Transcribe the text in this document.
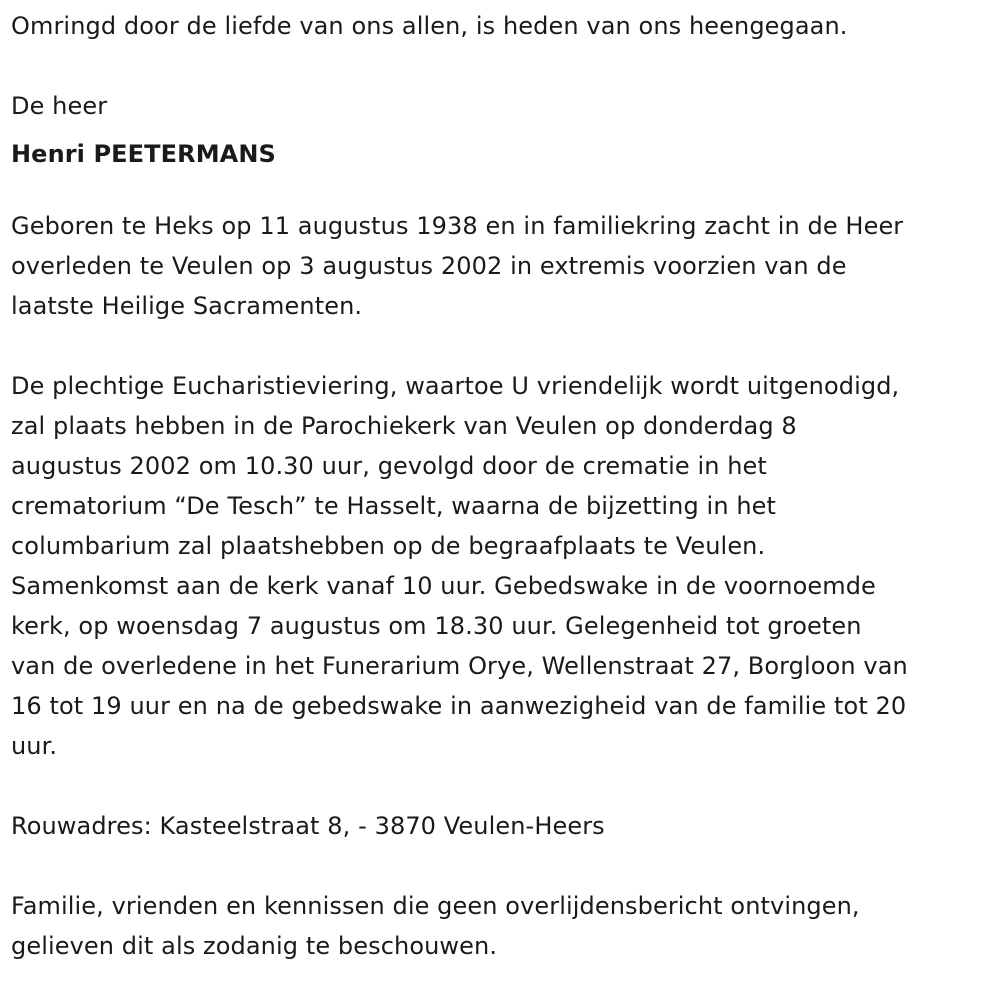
Omringd door de liefde van ons allen, is heden van ons heengegaan.

De heer

Henri PEETERMANS

Geboren te Heks op 11 augustus 1938 en in familiekring zacht in de Heer

overleden te Veulen op 3 augustus 2002 in extremis voorzien van de

laatste Heilige Sacramenten.

De plechtige Eucharistieviering, waartoe U vriendelijk wordt uitgenodigd,

zal plaats hebben in de Parochiekerk van Veulen op donderdag 8

augustus 2002 om 10.30 uur, gevolgd door de crematie in het

crematorium “De Tesch” te Hasselt, waarna de bijzetting in het

columbarium zal plaatshebben op de begraafplaats te Veulen.

Samenkomst aan de kerk vanaf 10 uur. Gebedswake in de voornoemde

kerk, op woensdag 7 augustus om 18.30 uur. Gelegenheid tot groeten

van de overledene in het Funerarium Orye, Wellenstraat 27, Borgloon van

16 tot 19 uur en na de gebedswake in aanwezigheid van de familie tot 20

uur.

Rouwadres: Kasteelstraat 8, - 3870 Veulen-Heers

Familie, vrienden en kennissen die geen overlijdensbericht ontvingen,

gelieven dit als zodanig te beschouwen.
